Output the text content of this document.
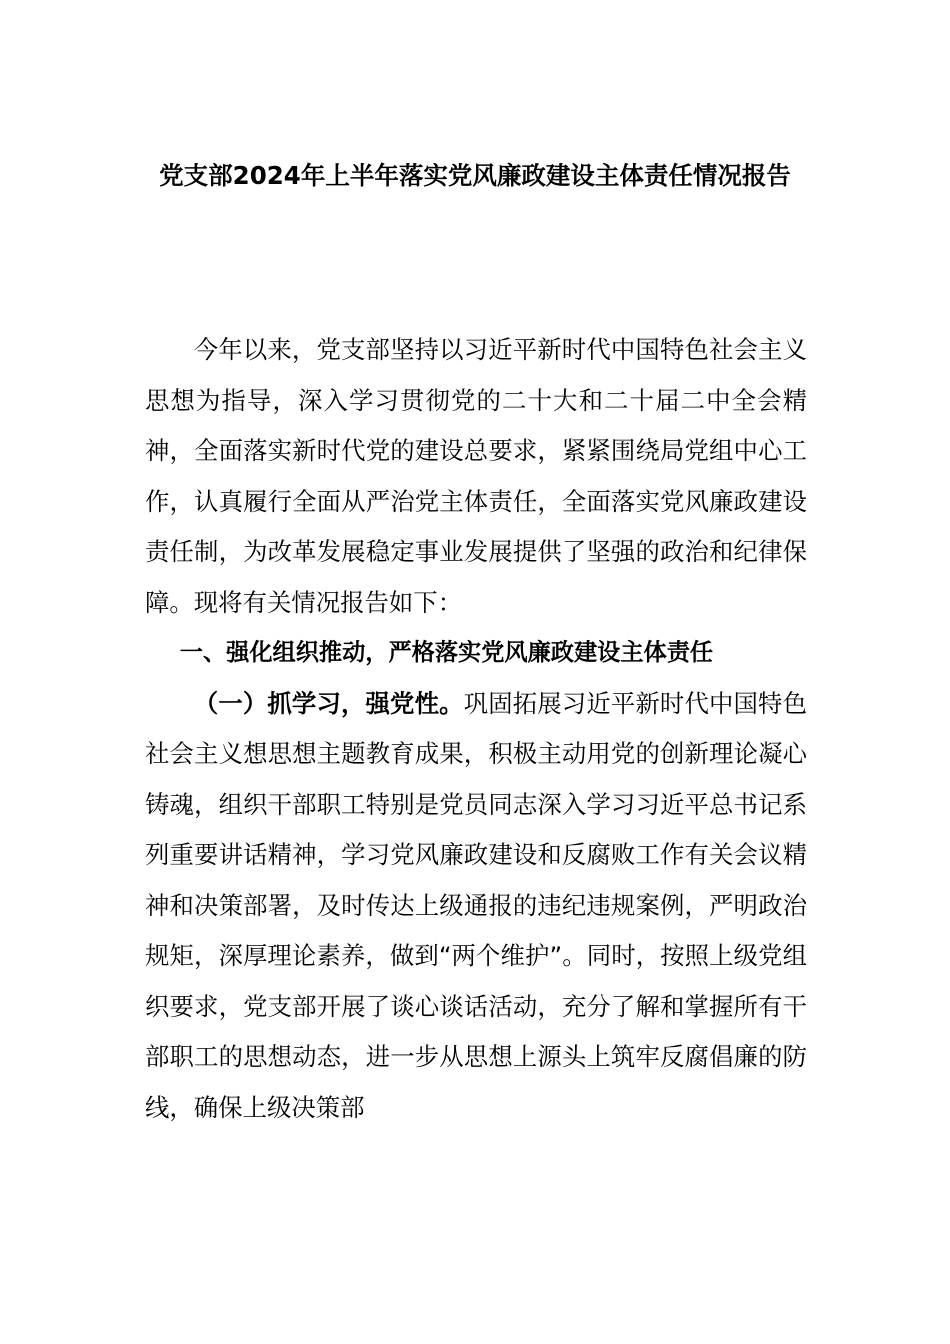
党支部2024年上半年落实党风廉政建设主体责任情况报告

今年以来，党支部坚持以习近平新时代中国特色社会主义思想为指导，深入学习贯彻党的二十大和二十届二中全会精神，全面落实新时代党的建设总要求，紧紧围绕局党组中心工作，认真履行全面从严治党主体责任，全面落实党风廉政建设责任制，为改革发展稳定事业发展提供了坚强的政治和纪律保障。现将有关情况报告如下：

一、强化组织推动，严格落实党风廉政建设主体责任

（一）抓学习，强党性。巩固拓展习近平新时代中国特色社会主义想思想主题教育成果，积极主动用党的创新理论凝心铸魂，组织干部职工特别是党员同志深入学习习近平总书记系列重要讲话精神，学习党风廉政建设和反腐败工作有关会议精神和决策部署，及时传达上级通报的违纪违规案例，严明政治规矩，深厚理论素养，做到“两个维护”。同时，按照上级党组织要求，党支部开展了谈心谈话活动，充分了解和掌握所有干部职工的思想动态，进一步从思想上源头上筑牢反腐倡廉的防线，确保上级决策部
